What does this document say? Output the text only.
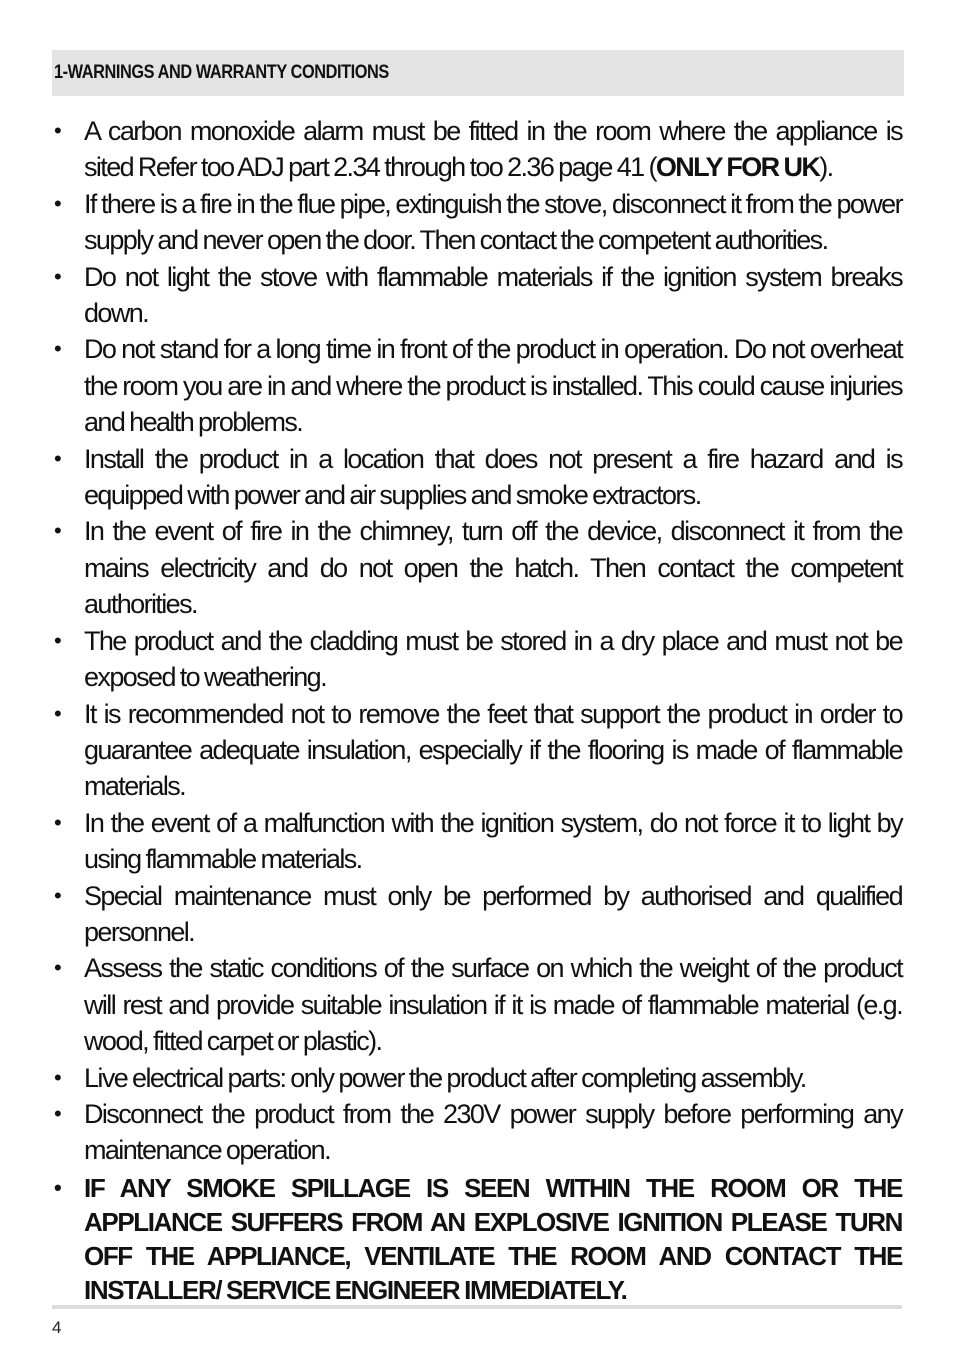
1-WARNINGS AND WARRANTY CONDITIONS
• A carbon monoxide alarm must be fitted in the room where the appliance is sited Refer too ADJ part 2.34 through too 2.36 page 41 (ONLY FOR UK).
• If there is a fire in the flue pipe, extinguish the stove, disconnect it from the power supply and never open the door. Then contact the competent authorities.
• Do not light the stove with flammable materials if the ignition system breaks down.
• Do not stand for a long time in front of the product in operation. Do not overheat the room you are in and where the product is installed. This could cause injuries and health problems.
• Install the product in a location that does not present a fire hazard and is equipped with power and air supplies and smoke extractors.
• In the event of fire in the chimney, turn off the device, disconnect it from the mains electricity and do not open the hatch. Then contact the competent authorities.
• The product and the cladding must be stored in a dry place and must not be exposed to weathering.
• It is recommended not to remove the feet that support the product in order to guarantee adequate insulation, especially if the flooring is made of flammable materials.
• In the event of a malfunction with the ignition system, do not force it to light by using flammable materials.
• Special maintenance must only be performed by authorised and qualified personnel.
• Assess the static conditions of the surface on which the weight of the product will rest and provide suitable insulation if it is made of flammable material (e.g. wood, fitted carpet or plastic).
• Live electrical parts: only power the product after completing assembly.
• Disconnect the product from the 230V power supply before performing any maintenance operation.
• IF ANY SMOKE SPILLAGE IS SEEN WITHIN THE ROOM OR THE APPLIANCE SUFFERS FROM AN EXPLOSIVE IGNITION PLEASE TURN OFF THE APPLIANCE, VENTILATE THE ROOM AND CONTACT THE INSTALLER/ SERVICE ENGINEER IMMEDIATELY.
4
